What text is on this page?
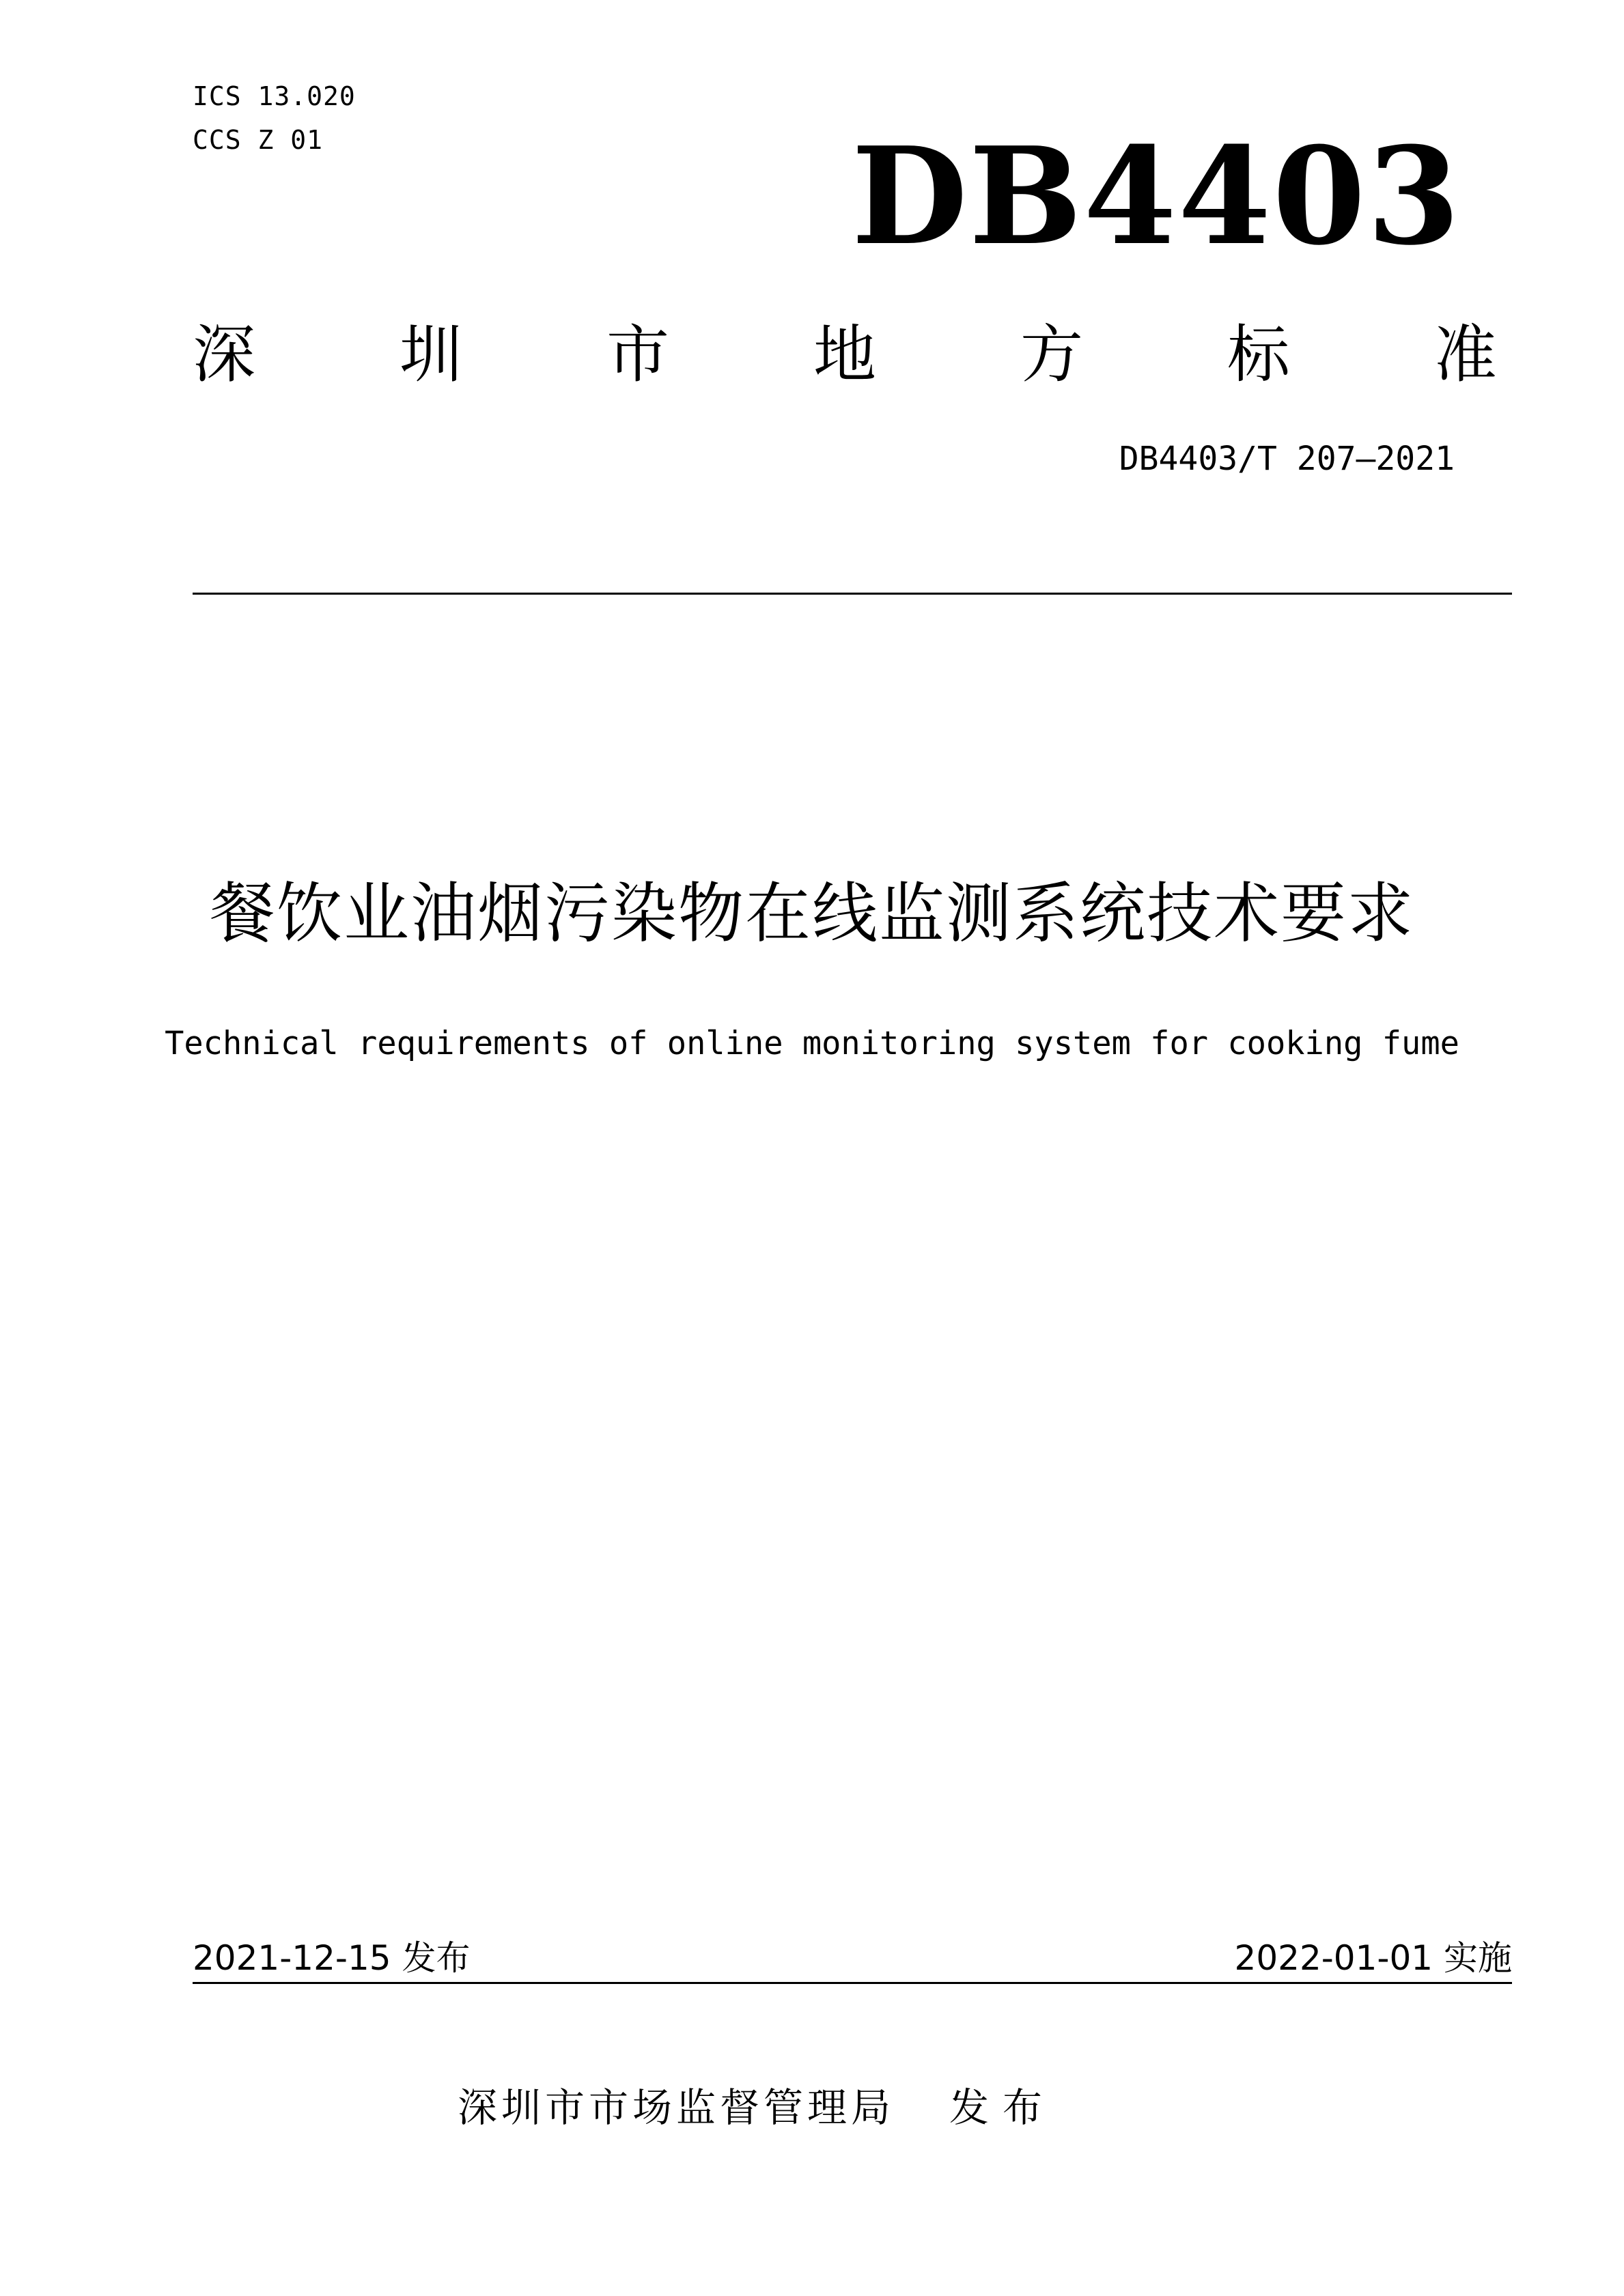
ICS 13.020
CCS Z 01	DB4403
深 圳 市 地 方 标 准
DB4403/T 207—2021
餐饮业油烟污染物在线监测系统技术要求
Technical requirements of online monitoring system for cooking fume
2021-12-15 发布	2022-01-01 实施
深圳市市场监督管理局 发布
